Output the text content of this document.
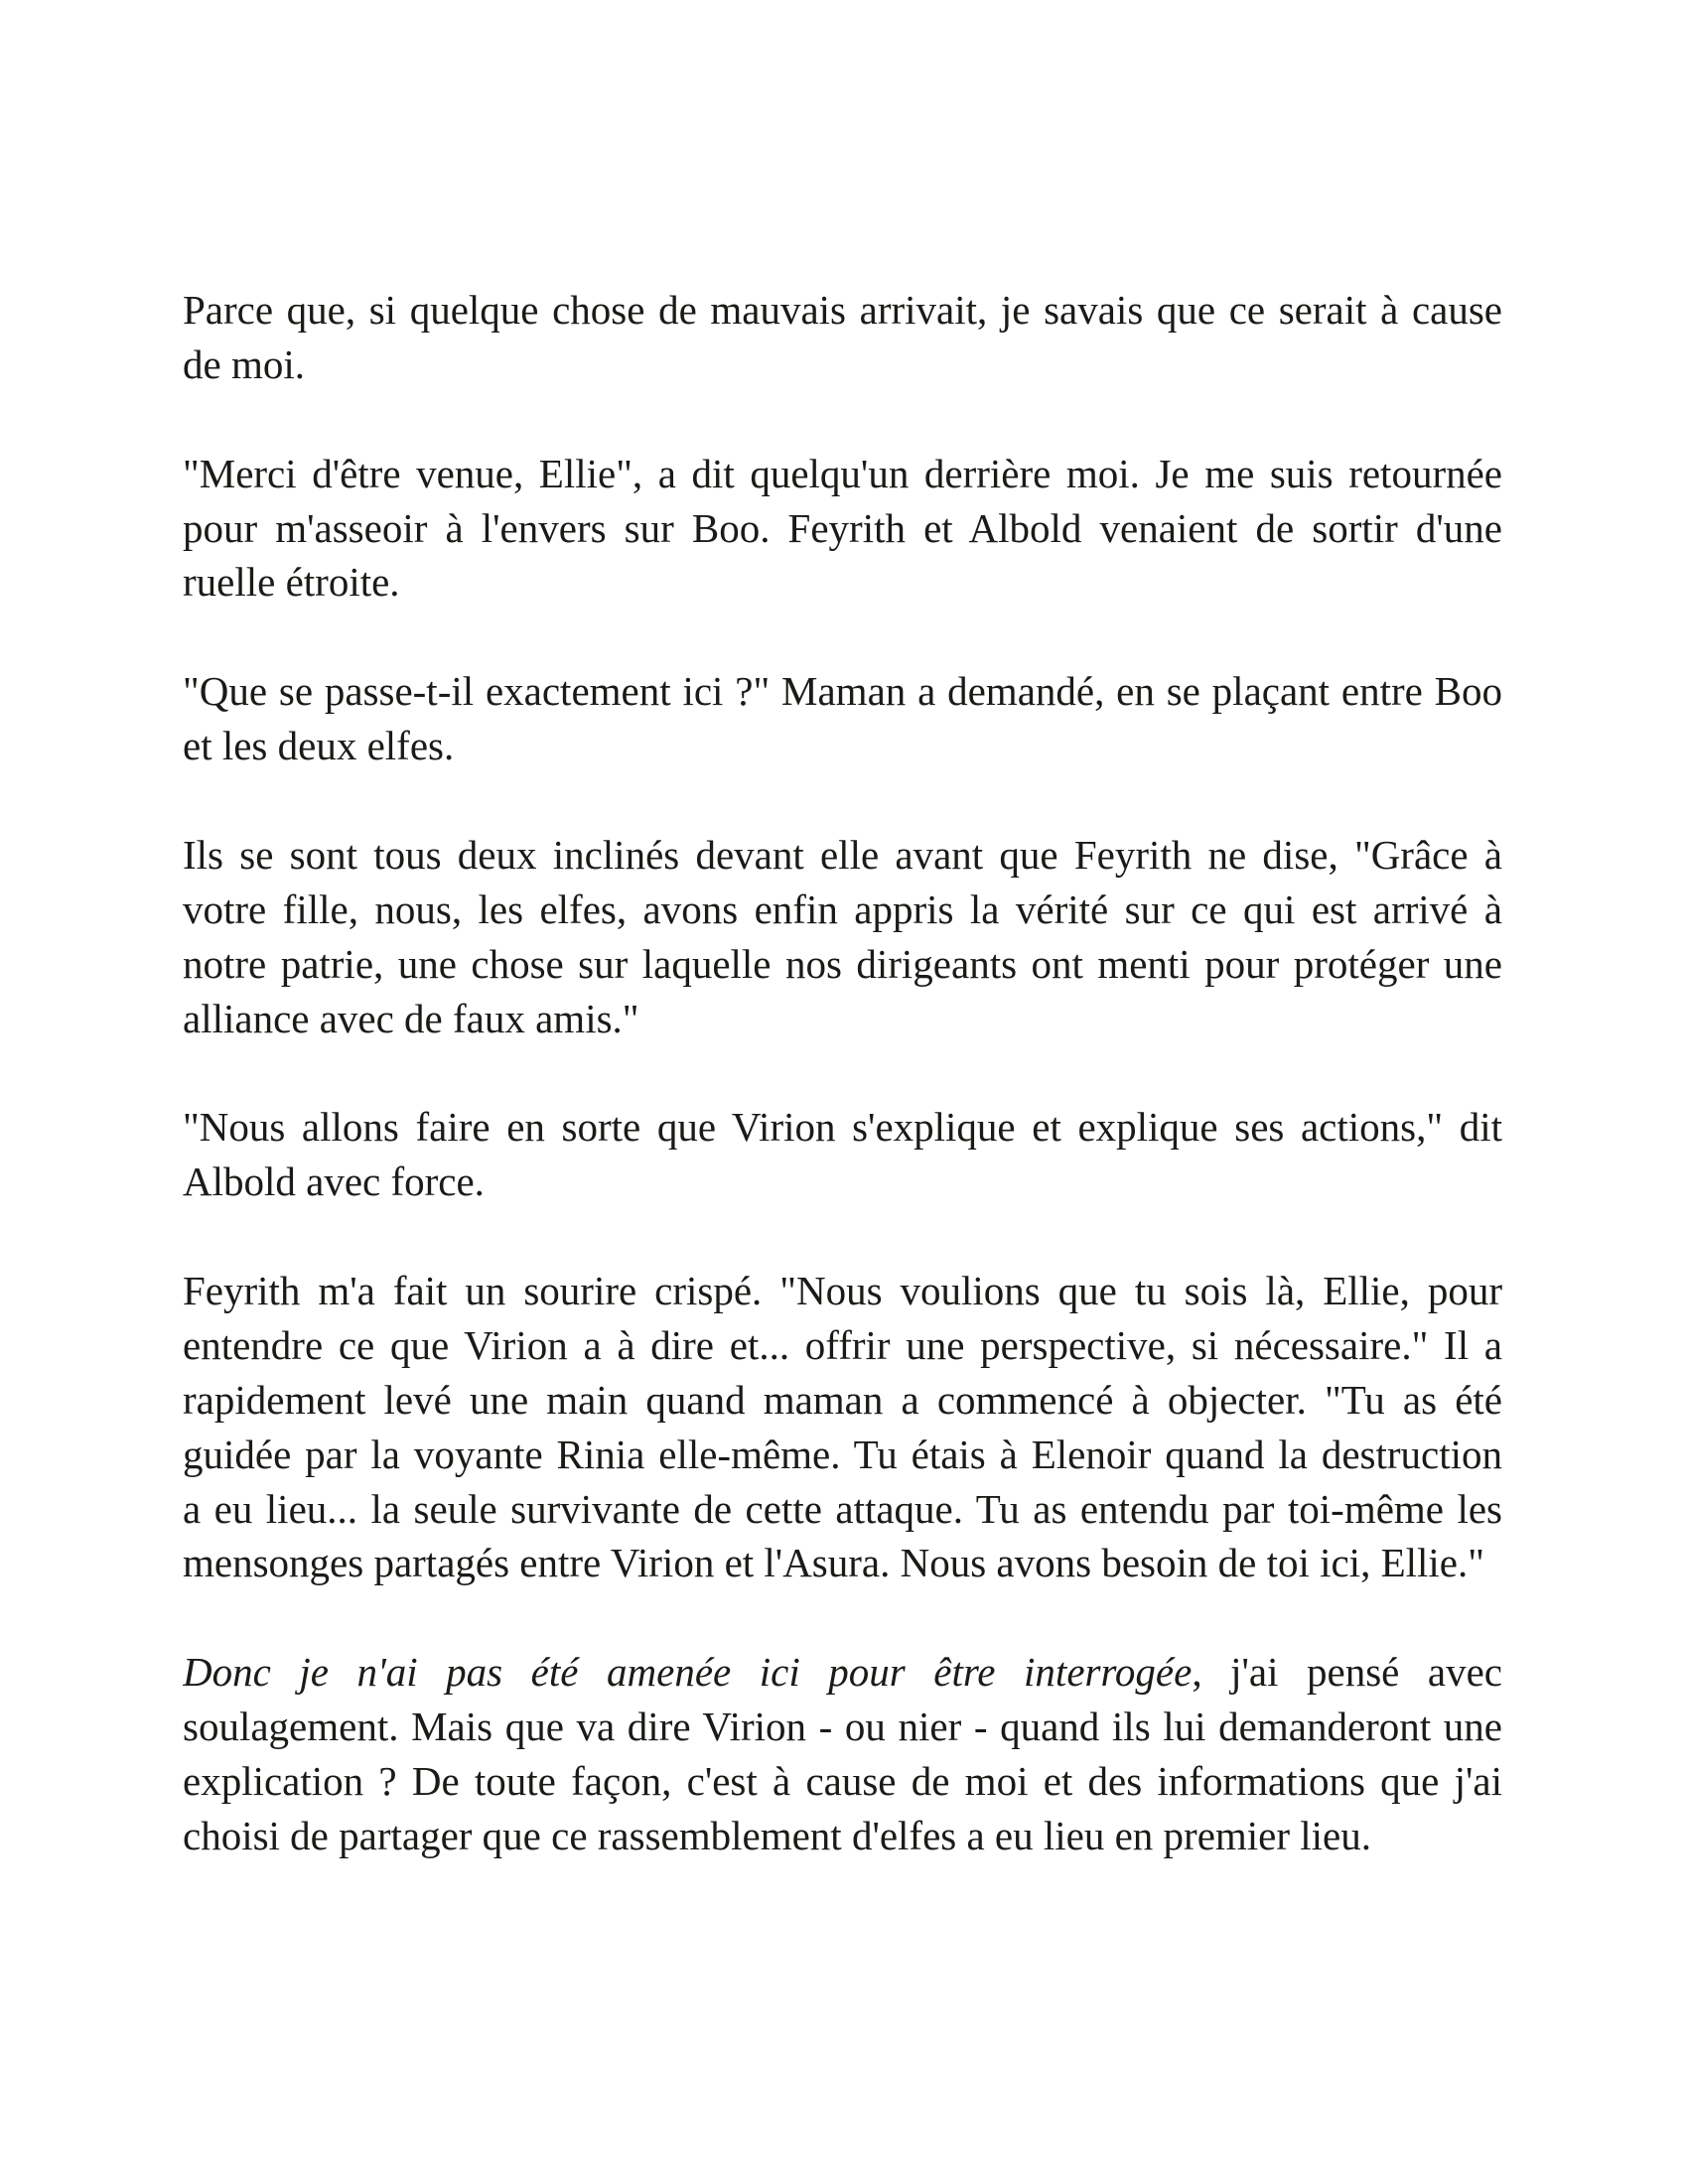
Parce que, si quelque chose de mauvais arrivait, je savais que ce serait à cause
de moi.

"Merci d'être venue, Ellie", a dit quelqu'un derrière moi. Je me suis retournée
pour m'asseoir à l'envers sur Boo. Feyrith et Albold venaient de sortir d'une
ruelle étroite.

"Que se passe-t-il exactement ici ?" Maman a demandé, en se plaçant entre Boo
et les deux elfes.

Ils se sont tous deux inclinés devant elle avant que Feyrith ne dise, "Grâce à
votre fille, nous, les elfes, avons enfin appris la vérité sur ce qui est arrivé à
notre patrie, une chose sur laquelle nos dirigeants ont menti pour protéger une
alliance avec de faux amis."

"Nous allons faire en sorte que Virion s'explique et explique ses actions," dit
Albold avec force.

Feyrith m'a fait un sourire crispé. "Nous voulions que tu sois là, Ellie, pour
entendre ce que Virion a à dire et... offrir une perspective, si nécessaire." Il a
rapidement levé une main quand maman a commencé à objecter. "Tu as été
guidée par la voyante Rinia elle-même. Tu étais à Elenoir quand la destruction
a eu lieu... la seule survivante de cette attaque. Tu as entendu par toi-même les
mensonges partagés entre Virion et l'Asura. Nous avons besoin de toi ici, Ellie."

Donc je n'ai pas été amenée ici pour être interrogée, j'ai pensé avec
soulagement. Mais que va dire Virion - ou nier - quand ils lui demanderont une
explication ? De toute façon, c'est à cause de moi et des informations que j'ai
choisi de partager que ce rassemblement d'elfes a eu lieu en premier lieu.
